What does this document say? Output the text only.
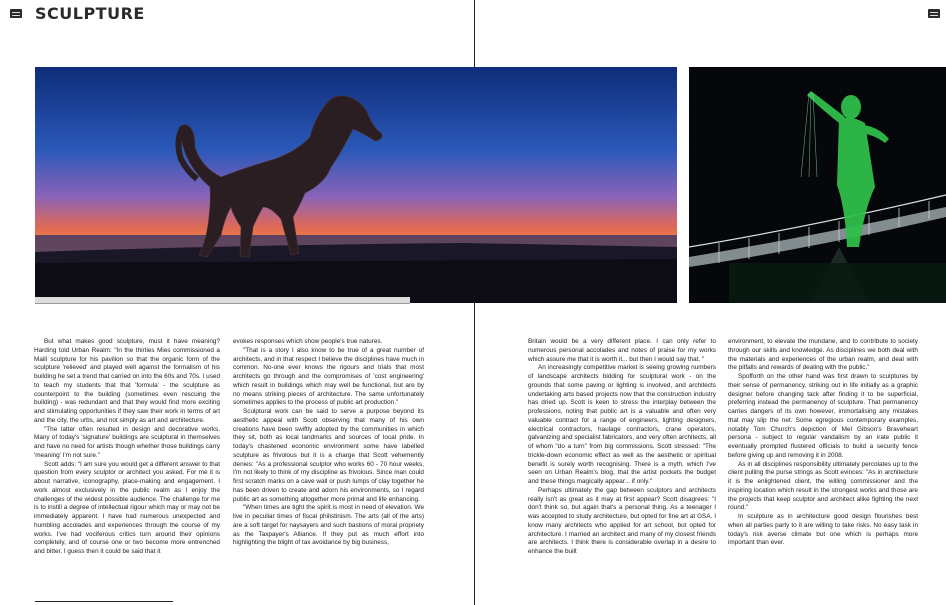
SCULPTURE

But what makes good sculpture, must it have meaning? Harding told Urban Realm: "In the thirties Mies commissioned a Maill sculpture for his pavilion so that the organic form of the sculpture 'relieved' and played well against the formalism of his building he set a trend that carried on into the 60s and 70s. I used to teach my students that that 'formula' - the sculpture as counterpoint to the building (sometimes even rescuing the building) - was redundant and that they would find more exciting and stimulating opportunities if they saw their work in terms of art and the city, the urbs, and not simply as art and architecture.

"The latter often resulted in design and decorative works. Many of today's 'signature' buildings are sculptural in themselves and have no need for artists though whether those buildings carry 'meaning' I'm not sure."

Scott adds: "I am sure you would get a different answer to that question from every sculptor or architect you asked. For me it is about narrative, iconography, place-making and engagement. I work almost exclusively in the public realm as I enjoy the challenges of the widest possible audience. The challenge for me is to instill a degree of intellectual rigour which may or may not be immediately apparent. I have had numerous unexpected and humbling accolades and experiences through the course of my works. I've had vociferous critics turn around their opinions completely, and of course one or two become more entrenched and bitter. I guess then it could be said that it

evokes responses which show people's true natures.

"That is a story I also know to be true of a great number of architects, and in that respect I believe the disciplines have much in common. No-one ever knows the rigours and trials that most architects go through and the compromises of 'cost engineering' which result in buildings which may well be functional, but are by no means striking pieces of architecture. The same unfortunately sometimes applies to the process of public art production."

Sculptural work can be said to serve a purpose beyond its aesthetic appeal with Scott observing that many of his own creations have been swiftly adopted by the communities in which they sit, both as local landmarks and sources of local pride. In today's chastened economic environment some have labelled sculpture as frivolous but it is a charge that Scott vehemently denies: "As a professional sculptor who works 60 - 70 hour weeks, I'm not likely to think of my discipline as frivolous. Since man could first scratch marks on a cave wall or push lumps of clay together he has been driven to create and adorn his environments, so I regard public art as something altogether more primal and life enhancing.

"When times are tight the spirit is most in need of elevation. We live in peculiar times of fiscal philistinism. The arts (all of the arts) are a soft target for naysayers and such bastions of moral propriety as the Taxpayer's Alliance. If they put as much effort into highlighting the blight of tax avoidance by big business,

Britain would be a very different place. I can only refer to numerous personal accolades and notes of praise for my works which assure me that it is worth it... but then I would say that. "

An increasingly competitive market is seeing growing numbers of landscape architects bidding for sculptural work - on the grounds that some paving or lighting is involved, and architects undertaking arts based projects now that the construction industry has dried up. Scott is keen to stress the interplay between the professions, noting that public art is a valuable and often very valuable contract for a range of engineers, lighting designers, electrical contractors, haulage contractors, crane operators, galvanizing and specialist fabricators, and very often architects, all of whom "do a turn" from big commissions. Scott stressed: "The trickle-down economic effect as well as the aesthetic or spiritual benefit is surely worth recognising. There is a myth, which I've seen on Urban Realm's blog, that the artist pockets the budget and these things magically appear... if only."

Perhaps ultimately the gap between sculptors and architects really isn't as great as it may at first appear? Scott disagrees: "I don't think so, but again that's a personal thing. As a teenager I was accepted to study architecture, but opted for fine art at GSA. I know many architects who applied for art school, but opted for architecture. I married an architect and many of my closest friends are architects. I think there is considerable overlap in a desire to enhance the built

environment, to elevate the mundane, and to contribute to society through our skills and knowledge. As disciplines we both deal with the materials and experiences of the urban realm, and deal with the pitfalls and rewards of dealing with the public."

Spofforth on the other hand was first drawn to sculptures by their sense of permanency, striking out in life initially as a graphic designer before changing tack after finding it to be superficial, preferring instead the permanency of sculpture. That permanency carries dangers of its own however, immortalising any mistakes that may slip the net. Some egregious contemporary examples, notably Tom Church's depiction of Mel Gibson's Braveheart persona - subject to regular vandalism by an irate public it eventually prompted flustered officials to build a security fence before giving up and removing it in 2008.

As in all disciplines responsibility ultimately percolates up to the client pulling the purse strings as Scott evinces: "As in architecture it is the enlightened client, the willing commissioner and the inspiring location which result in the strongest works and those are the projects that keep sculptor and architect alike fighting the next round."

In sculpture as in architecture good design flourishes best when all parties party to it are willing to take risks. No easy task in today's risk averse climate but one which is perhaps more important than ever.
